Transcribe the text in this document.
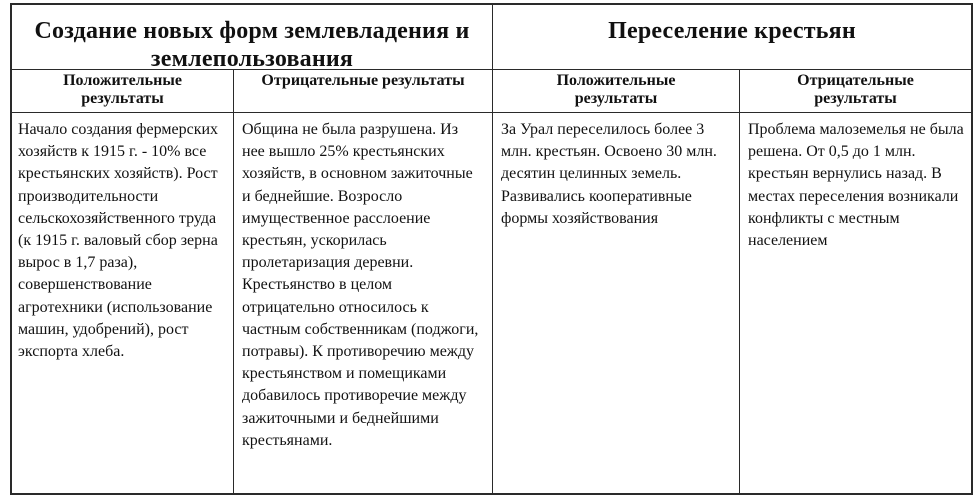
Создание новых форм землевладения и землепользования
Переселение крестьян
Положительные результаты
Отрицательные результаты	Положительные результаты
Отрицательные результаты
Начало создания фермерских хозяйств к 1915 г. - 10% все крестьянских хозяйств). Рост производительности сельскохозяйственного труда (к 1915 г. валовый сбор зерна вырос в 1,7 раза), совершенствование агротехники (использование машин, удобрений), рост экспорта хлеба.
Община не была разрушена. Из нее вышло 25% крестьянских хозяйств, в основном зажиточные и беднейшие. Возросло имущественное расслоение крестьян, ускорилась пролетаризация деревни. Крестьянство в целом отрицательно относилось к частным собственникам (поджоги, потравы). К противоречию между крестьянством и помещиками добавилось противоречие между зажиточными и беднейшими крестьянами.
За Урал переселилось более 3 млн. крестьян. Освоено 30 млн. десятин целинных земель. Развивались кооперативные формы хозяйствования
Проблема малоземелья не была решена. От 0,5 до 1 млн. крестьян вернулись назад. В местах переселения возникали конфликты с местным населением
